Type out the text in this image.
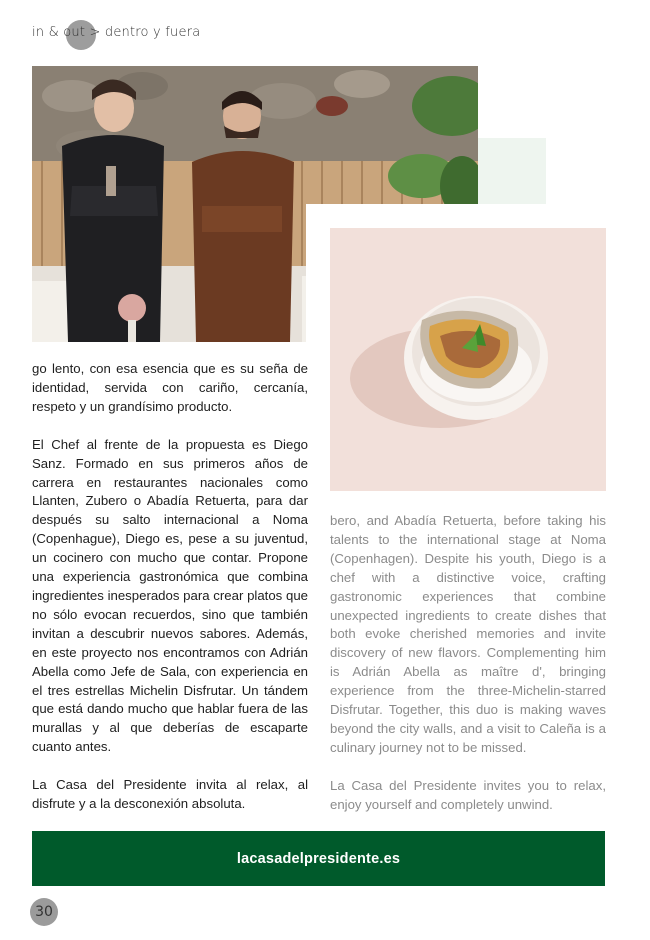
in & out > dentro y fuera

go lento, con esa esencia que es su seña de identidad, servida con cariño, cercanía, respeto y un grandísimo producto.

El Chef al frente de la propuesta es Diego Sanz. Formado en sus primeros años de carrera en restaurantes nacionales como Llanten, Zubero o Abadía Retuerta, para dar después su salto internacional a Noma (Copenhague), Diego es, pese a su juventud, un cocinero con mucho que contar. Propone una experiencia gastronómica que combina ingredientes inesperados para crear platos que no sólo evocan recuerdos, sino que también invitan a descubrir nuevos sabores. Además, en este proyecto nos encontramos con Adrián Abella como Jefe de Sala, con experiencia en el tres estrellas Michelin Disfrutar. Un tándem que está dando mucho que hablar fuera de las murallas y al que deberías de escaparte cuanto antes.

La Casa del Presidente invita al relax, al disfrute y a la desconexión absoluta.

bero, and Abadía Retuerta, before taking his talents to the international stage at Noma (Copenhagen). Despite his youth, Diego is a chef with a distinctive voice, crafting gastronomic experiences that combine unexpected ingredients to create dishes that both evoke cherished memories and invite discovery of new flavors. Complementing him is Adrián Abella as maître d', bringing experience from the three-Michelin-starred Disfrutar. Together, this duo is making waves beyond the city walls, and a visit to Caleña is a culinary journey not to be missed.

La Casa del Presidente invites you to relax, enjoy yourself and completely unwind.

lacasadelpresidente.es
30
